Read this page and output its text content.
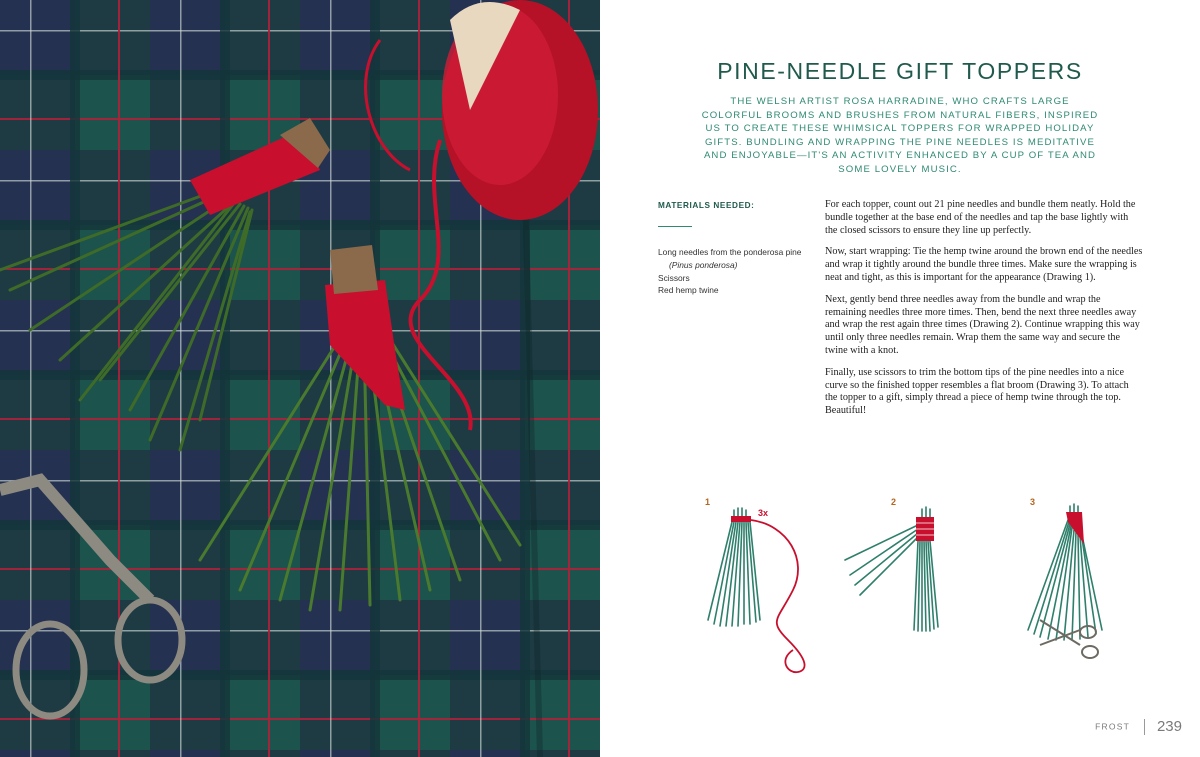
PINE-NEEDLE GIFT TOPPERS

THE WELSH ARTIST ROSA HARRADINE, WHO CRAFTS LARGE COLORFUL BROOMS AND BRUSHES FROM NATURAL FIBERS, INSPIRED US TO CREATE THESE WHIMSICAL TOPPERS FOR WRAPPED HOLIDAY GIFTS. BUNDLING AND WRAPPING THE PINE NEEDLES IS MEDITATIVE AND ENJOYABLE—IT'S AN ACTIVITY ENHANCED BY A CUP OF TEA AND SOME LOVELY MUSIC.

MATERIALS NEEDED:
Long needles from the ponderosa pine
(Pinus ponderosa)
Scissors
Red hemp twine

For each topper, count out 21 pine needles and bundle them neatly. Hold the bundle together at the base end of the needles and tap the base lightly with the closed scissors to ensure they line up perfectly.

Now, start wrapping: Tie the hemp twine around the brown end of the needles and wrap it tightly around the bundle three times. Make sure the wrapping is neat and tight, as this is important for the appearance (Drawing 1).

Next, gently bend three needles away from the bundle and wrap the remaining needles three more times. Then, bend the next three needles away and wrap the rest again three times (Drawing 2). Continue wrapping this way until only three needles remain. Wrap them the same way and secure the twine with a knot.

Finally, use scissors to trim the bottom tips of the pine needles into a nice curve so the finished topper resembles a flat broom (Drawing 3). To attach the topper to a gift, simply thread a piece of hemp twine through the top. Beautiful!

1
3x
2	3
FROST 239
